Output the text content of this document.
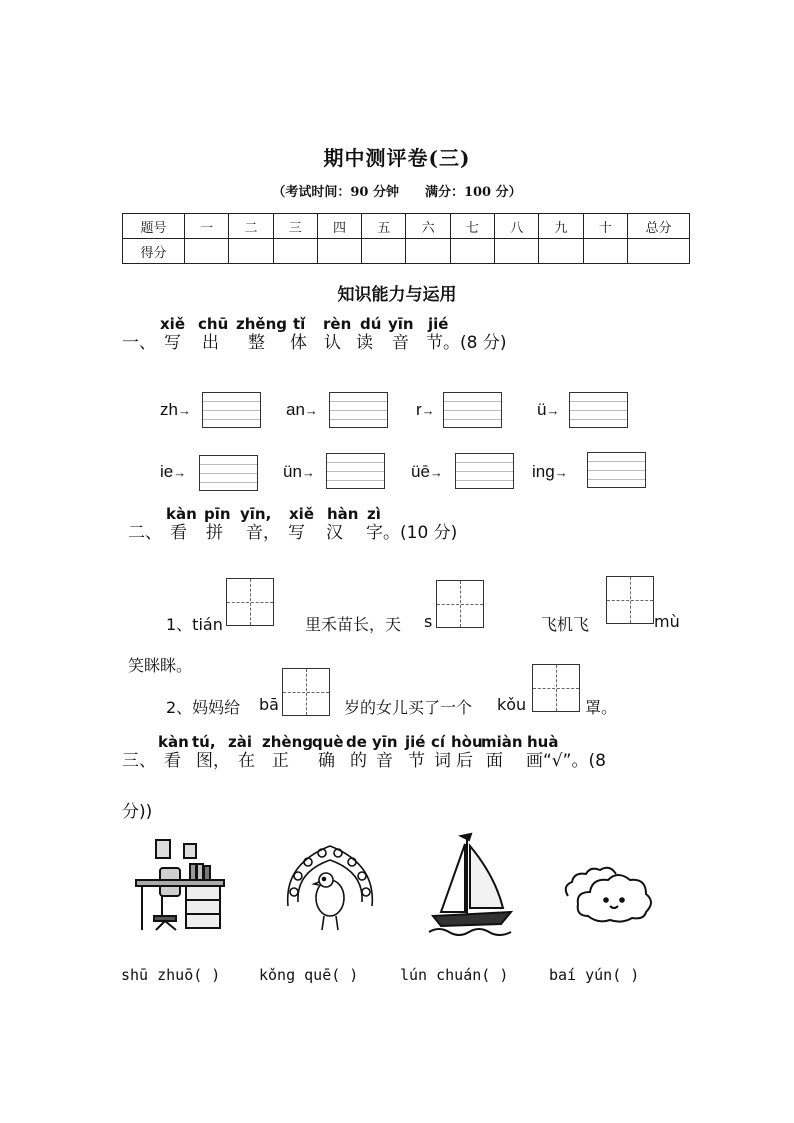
期中测评卷(三)
（考试时间：90 分钟 满分：100 分）
题号	一	二	三	四	五	六	七	八	九	十	总分
得分											
知识能力与运用
xiě chū zhěng tǐ rèn dú yīn jié
一、 写 出 整 体 认 读 音 节。(8 分)
zh →	an →	r →	ü →
ie →	ün →	üē →	ing →
kàn pīn yīn, xiě hàn zì
二、 看 拼 音， 写 汉 字。(10 分)
1、tián	里禾苗长，天 s	飞机飞	mù
笑眯眯。
2、妈妈给 bā	岁的女儿买了一个 kǒu	罩。
kàn tú, zài zhèngquè de yīn jié cí hòumiàn huà
三、 看 图， 在 正 确 的 音 节 词 后 面 画“√”。(8
分))
shū zhuō( )	kǒng quē( )	lún chuán( )	baí yún( )
